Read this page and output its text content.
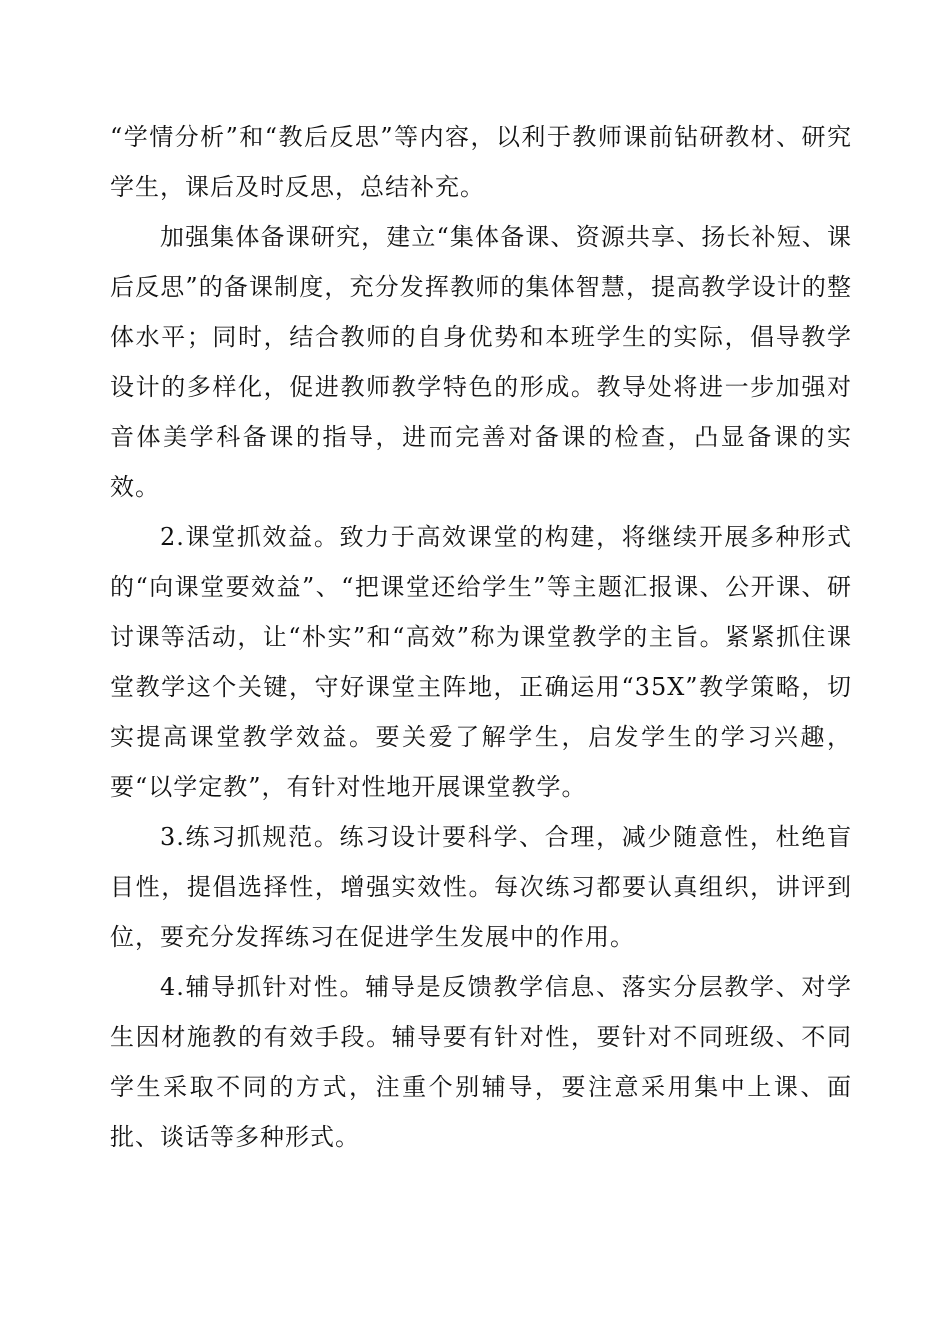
“学情分析”和“教后反思”等内容，以利于教师课前钻研教材、研究学生，课后及时反思，总结补充。

加强集体备课研究，建立“集体备课、资源共享、扬长补短、课后反思”的备课制度，充分发挥教师的集体智慧，提高教学设计的整体水平；同时，结合教师的自身优势和本班学生的实际，倡导教学设计的多样化，促进教师教学特色的形成。教导处将进一步加强对音体美学科备课的指导，进而完善对备课的检查，凸显备课的实效。

2.课堂抓效益。致力于高效课堂的构建，将继续开展多种形式的“向课堂要效益”、“把课堂还给学生”等主题汇报课、公开课、研讨课等活动，让“朴实”和“高效”称为课堂教学的主旨。紧紧抓住课堂教学这个关键，守好课堂主阵地，正确运用“35X”教学策略，切实提高课堂教学效益。要关爱了解学生，启发学生的学习兴趣，要“以学定教”，有针对性地开展课堂教学。

3.练习抓规范。练习设计要科学、合理，减少随意性，杜绝盲目性，提倡选择性，增强实效性。每次练习都要认真组织，讲评到位，要充分发挥练习在促进学生发展中的作用。

4.辅导抓针对性。辅导是反馈教学信息、落实分层教学、对学生因材施教的有效手段。辅导要有针对性，要针对不同班级、不同学生采取不同的方式，注重个别辅导，要注意采用集中上课、面批、谈话等多种形式。
